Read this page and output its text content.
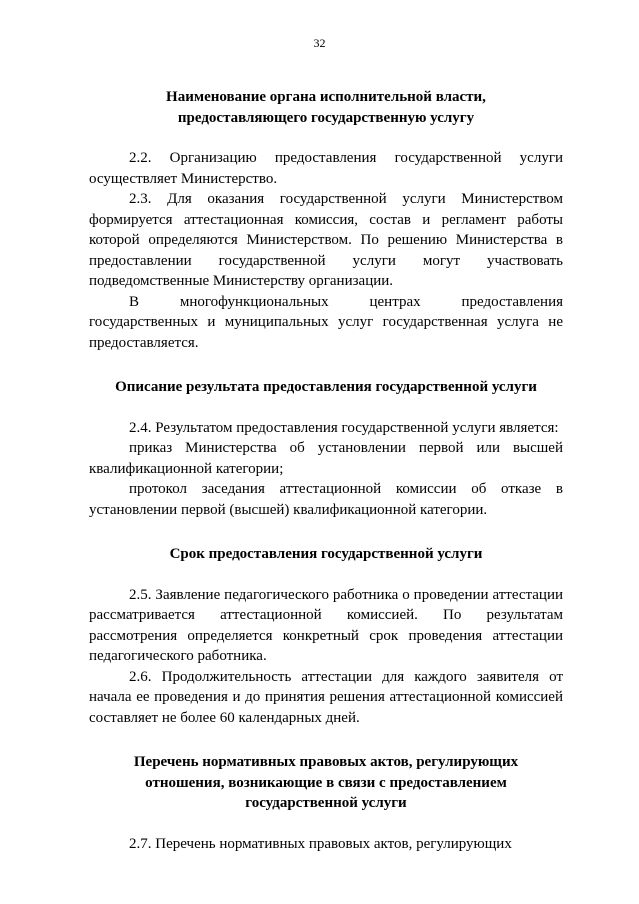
32

Наименование органа исполнительной власти,
предоставляющего государственную услугу

2.2. Организацию предоставления государственной услуги осуществляет Министерство.

2.3. Для оказания государственной услуги Министерством формируется аттестационная комиссия, состав и регламент работы которой определяются Министерством. По решению Министерства в предоставлении государственной услуги могут участвовать подведомственные Министерству организации.

В многофункциональных центрах предоставления государственных и муниципальных услуг государственная услуга не предоставляется.

Описание результата предоставления государственной услуги

2.4. Результатом предоставления государственной услуги является:

приказ Министерства об установлении первой или высшей квалификационной категории;

протокол заседания аттестационной комиссии об отказе в установлении первой (высшей) квалификационной категории.

Срок предоставления государственной услуги

2.5. Заявление педагогического работника о проведении аттестации рассматривается аттестационной комиссией. По результатам рассмотрения определяется конкретный срок проведения аттестации педагогического работника.

2.6. Продолжительность аттестации для каждого заявителя от начала ее проведения и до принятия решения аттестационной комиссией составляет не более 60 календарных дней.

Перечень нормативных правовых актов, регулирующих
отношения, возникающие в связи с предоставлением
государственной услуги

2.7. Перечень нормативных правовых актов, регулирующих
